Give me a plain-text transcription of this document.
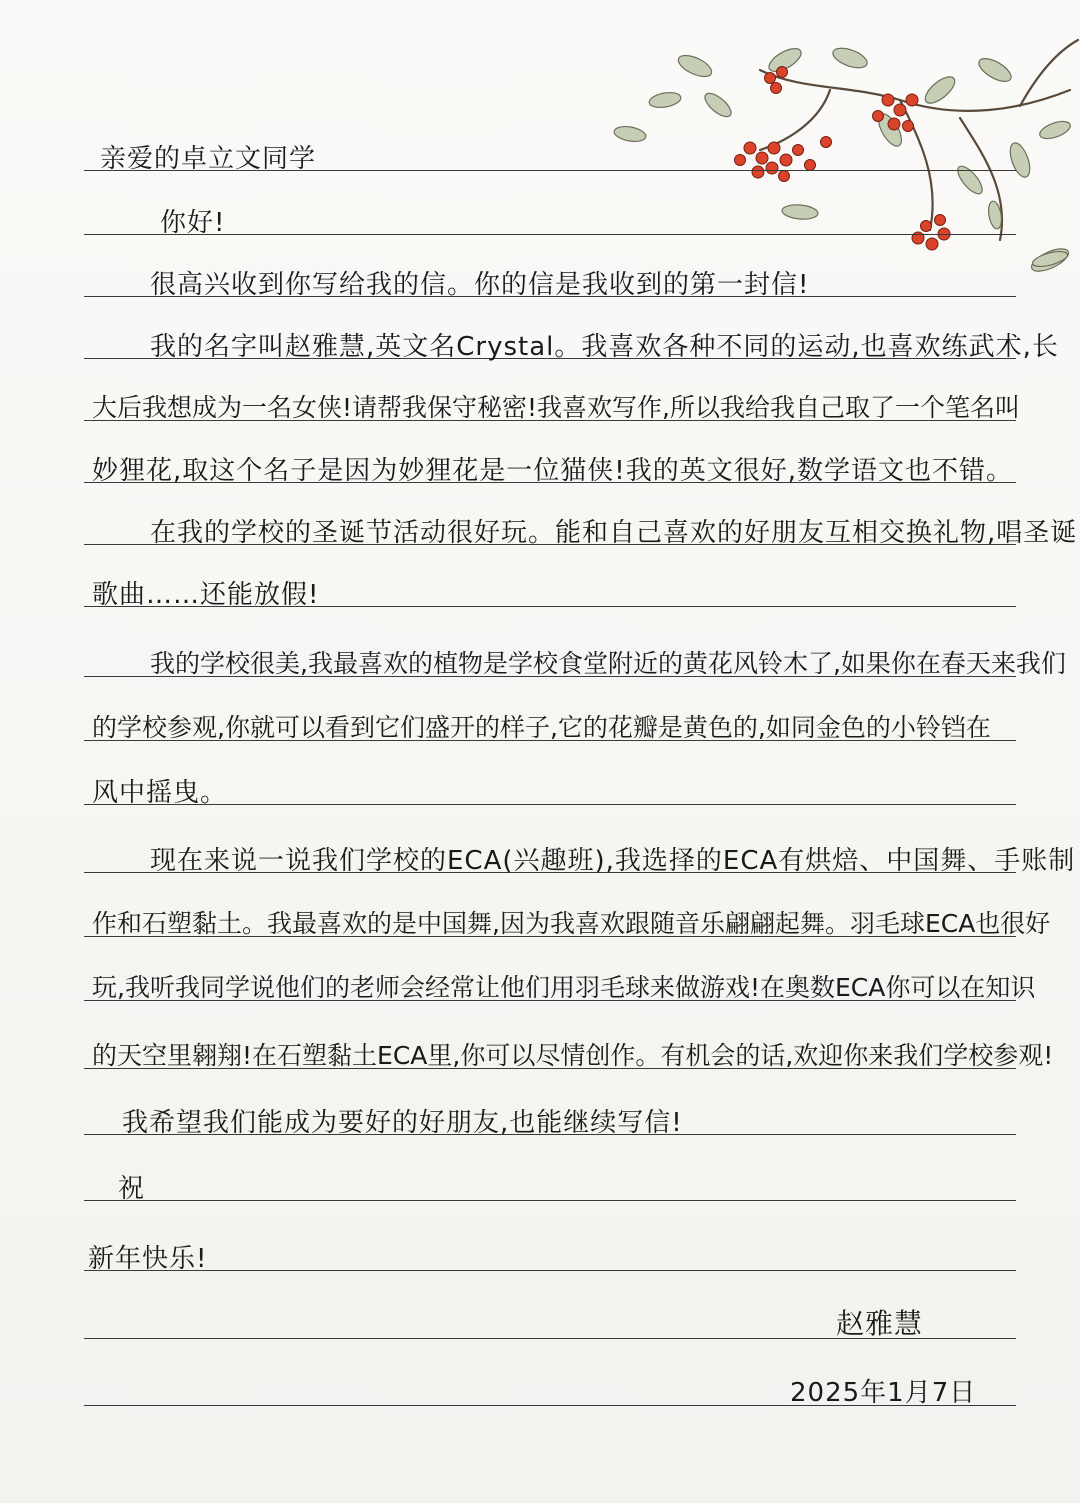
亲爱的卓立文同学
你好!
很高兴收到你写给我的信。你的信是我收到的第一封信!
我的名字叫赵雅慧,英文名Crystal。我喜欢各种不同的运动,也喜欢练武术,长
大后我想成为一名女侠!请帮我保守秘密!我喜欢写作,所以我给我自己取了一个笔名叫
妙狸花,取这个名子是因为妙狸花是一位猫侠!我的英文很好,数学语文也不错。
在我的学校的圣诞节活动很好玩。能和自己喜欢的好朋友互相交换礼物,唱圣诞
歌曲……还能放假!
我的学校很美,我最喜欢的植物是学校食堂附近的黄花风铃木了,如果你在春天来我们
的学校参观,你就可以看到它们盛开的样子,它的花瓣是黄色的,如同金色的小铃铛在
风中摇曳。
现在来说一说我们学校的ECA(兴趣班),我选择的ECA有烘焙、中国舞、手账制
作和石塑黏土。我最喜欢的是中国舞,因为我喜欢跟随音乐翩翩起舞。羽毛球ECA也很好
玩,我听我同学说他们的老师会经常让他们用羽毛球来做游戏!在奥数ECA你可以在知识
的天空里翱翔!在石塑黏土ECA里,你可以尽情创作。有机会的话,欢迎你来我们学校参观!
我希望我们能成为要好的好朋友,也能继续写信!
祝
新年快乐!
赵雅慧
2025年1月7日
